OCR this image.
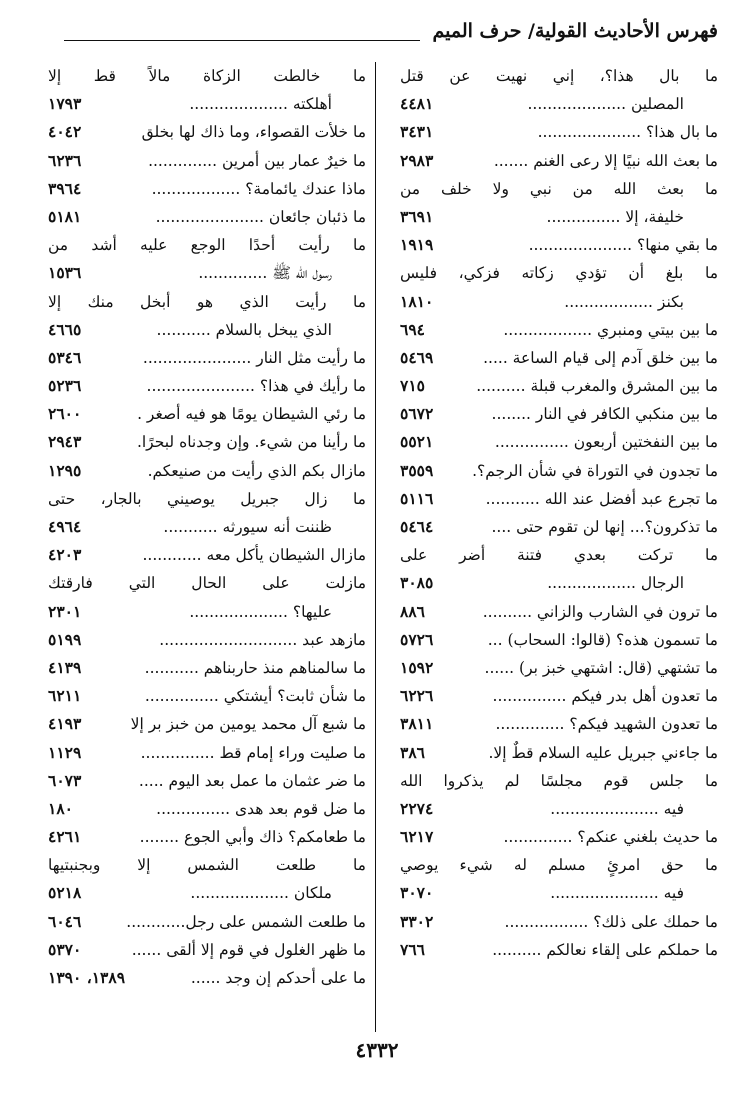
فهرس الأحاديث القولية/ حرف الميم
ما بال هذا؟، إني نهيت عن قتل
المصلين ....................
٤٤٨١
ما بال هذا؟ .....................
٣٤٣١
ما بعث الله نبيًا إلا رعى الغنم .......
٢٩٨٣
ما بعث الله من نبي ولا خلف من
خليفة، إلا ...............
٣٦٩١
ما بقي منها؟ .....................
١٩١٩
ما بلغ أن تؤدي زكاته فزكي، فليس
بكنز ..................
١٨١٠
ما بين بيتي ومنبري ..................
٦٩٤
ما بين خلق آدم إلى قيام الساعة .....
٥٤٦٩
ما بين المشرق والمغرب قبلة ..........
٧١٥
ما بين منكبي الكافر في النار ........
٥٦٧٢
ما بين النفختين أربعون ...............
٥٥٢١
ما تجدون في التوراة في شأن الرجم؟.
٣٥٥٩
ما تجرع عبد أفضل عند الله ...........
٥١١٦
ما تذكرون؟... إنها لن تقوم حتى ....
٥٤٦٤
ما تركت بعدي فتنة أضر على
الرجال ..................
٣٠٨٥
ما ترون في الشارب والزاني ..........
٨٨٦
ما تسمون هذه؟ (قالوا: السحاب) ...
٥٧٢٦
ما تشتهي (قال: اشتهي خبز بر) ......
١٥٩٢
ما تعدون أهل بدر فيكم ...............
٦٢٢٦
ما تعدون الشهيد فيكم؟ ..............
٣٨١١
ما جاءني جبريل عليه السلام قطٌ إلا.
٣٨٦
ما جلس قوم مجلسًا لم يذكروا الله
فيه ......................
٢٢٧٤
ما حديث بلغني عنكم؟ ..............
٦٢١٧
ما حق امرئٍ مسلم له شيء يوصي
فيه ......................
٣٠٧٠
ما حملك على ذلك؟ .................
٣٣٠٢
ما حملكم على إلقاء نعالكم ..........
٧٦٦
ما خالطت الزكاة مالاً قط إلا
أهلكته ....................
١٧٩٣
ما خلأت القصواء، وما ذاك لها بخلق
٤٠٤٢
ما خيرٌ عمار بين أمرين ..............
٦٢٣٦
ماذا عندك يائمامة؟ ..................
٣٩٦٤
ما ذئبان جائعان ......................
٥١٨١
ما رأيت أحدًا الوجع عليه أشد من
رسول الله ﷺ ..............
١٥٣٦
ما رأيت الذي هو أبخل منك إلا
الذي يبخل بالسلام ...........
٤٦٦٥
ما رأيت مثل النار ......................
٥٣٤٦
ما رأيك في هذا؟ ......................
٥٢٣٦
ما رئي الشيطان يومًا هو فيه أصغر .
٢٦٠٠
ما رأينا من شيء. وإن وجدناه لبحرًا.
٢٩٤٣
مازال بكم الذي رأيت من صنيعكم.
١٢٩٥
ما زال جبريل يوصيني بالجار، حتى
ظننت أنه سيورثه ...........
٤٩٦٤
مازال الشيطان يأكل معه ............
٤٢٠٣
مازلت على الحال التي فارقتك
عليها؟ ....................
٢٣٠١
مازهد عبد ............................
٥١٩٩
ما سالمناهم منذ حاربناهم ...........
٤١٣٩
ما شأن ثابت؟ أيشتكي ...............
٦٢١١
ما شبع آل محمد يومين من خبز بر إلا
٤١٩٣
ما صليت وراء إمام قط ...............
١١٢٩
ما ضر عثمان ما عمل بعد اليوم .....
٦٠٧٣
ما ضل قوم بعد هدى ...............
١٨٠
ما طعامكم؟ ذاك وأبي الجوع ........
٤٢٦١
ما طلعت الشمس إلا وبجنبتيها
ملكان ....................
٥٢١٨
ما طلعت الشمس على رجل............
٦٠٤٦
ما ظهر الغلول في قوم إلا ألقى ......
٥٣٧٠
ما على أحدكم إن وجد ......
١٣٨٩، ١٣٩٠
٤٣٣٢
